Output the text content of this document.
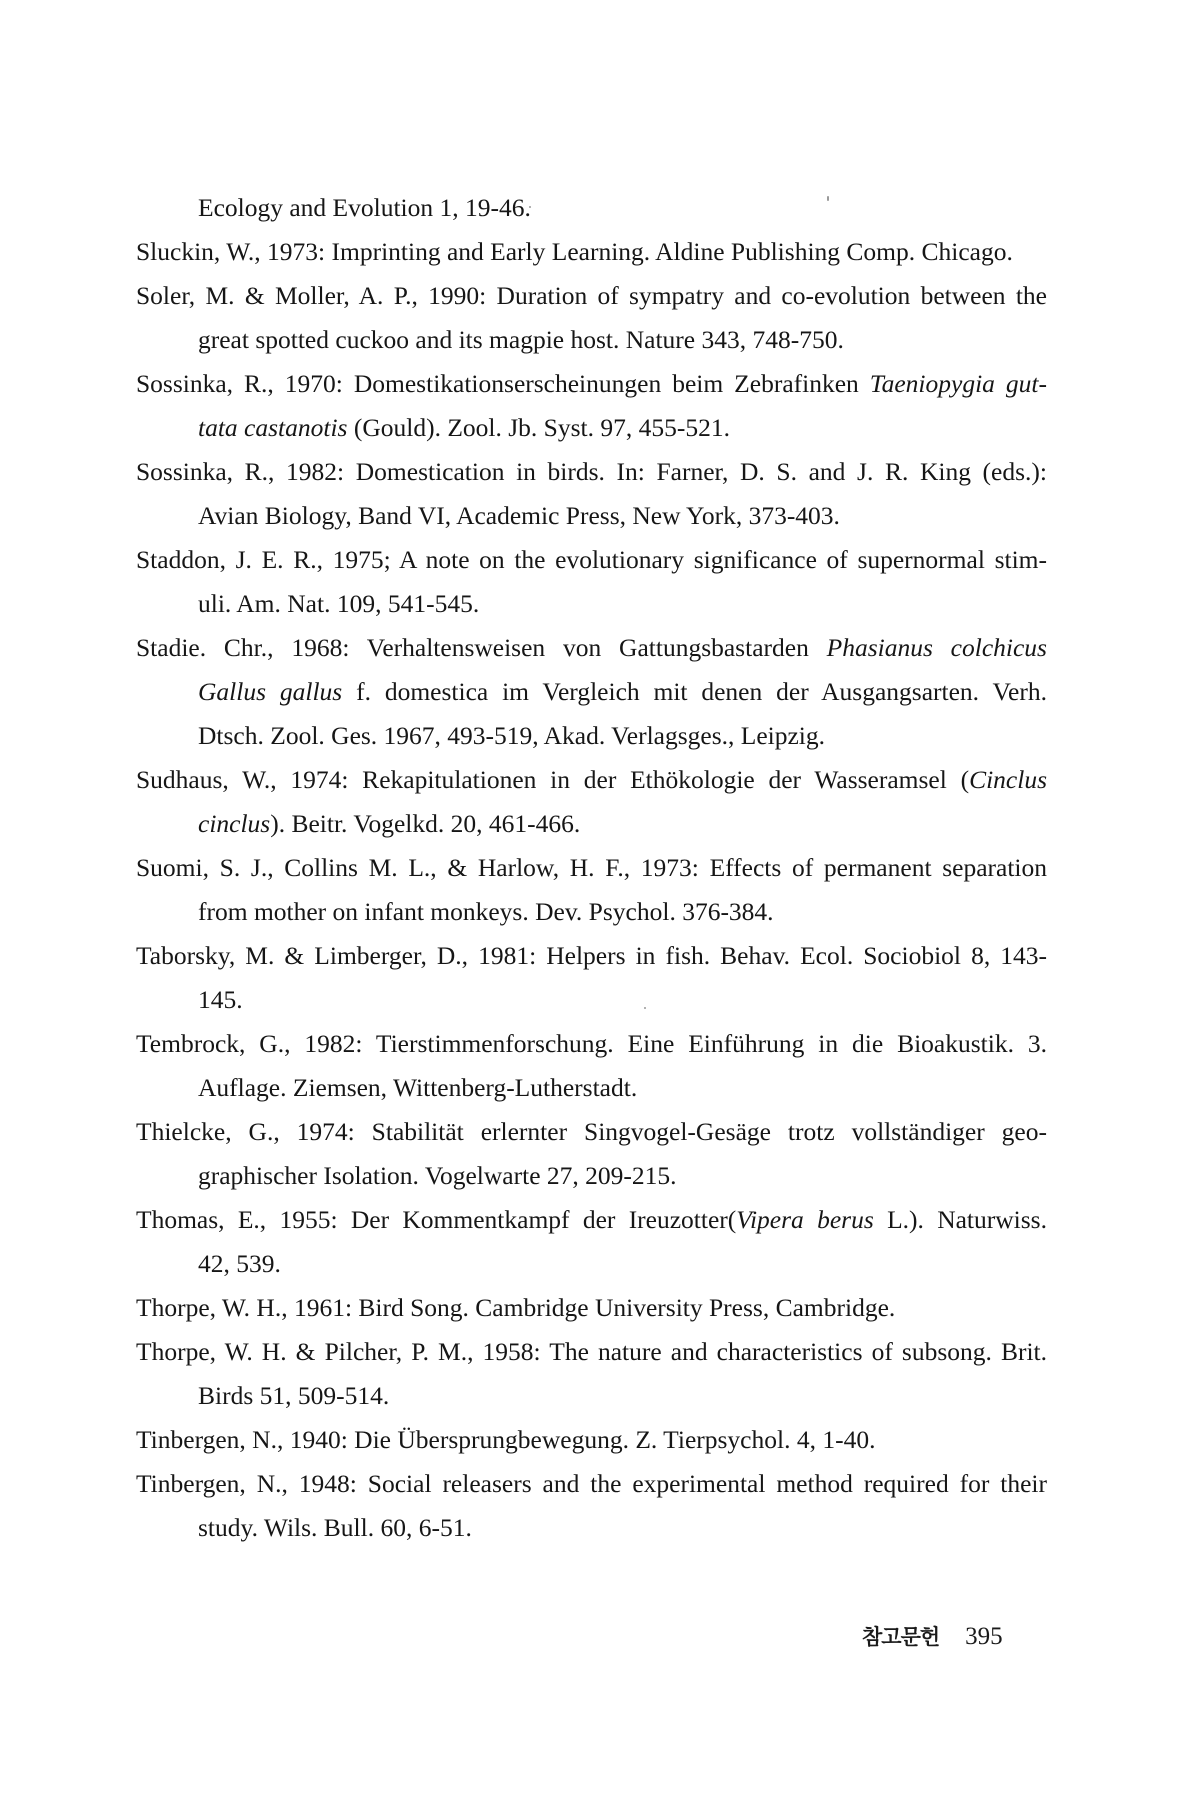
Ecology and Evolution 1, 19-46.
Sluckin, W., 1973: Imprinting and Early Learning. Aldine Publishing Comp. Chicago.
Soler, M. & Moller, A. P., 1990: Duration of sympatry and co-evolution between the
great spotted cuckoo and its magpie host. Nature 343, 748-750.
Sossinka, R., 1970: Domestikationserscheinungen beim Zebrafinken Taeniopygia gut-
tata castanotis (Gould). Zool. Jb. Syst. 97, 455-521.
Sossinka, R., 1982: Domestication in birds. In: Farner, D. S. and J. R. King (eds.):
Avian Biology, Band VI, Academic Press, New York, 373-403.
Staddon, J. E. R., 1975; A note on the evolutionary significance of supernormal stim-
uli. Am. Nat. 109, 541-545.
Stadie. Chr., 1968: Verhaltensweisen von Gattungsbastarden Phasianus colchicus
Gallus gallus f. domestica im Vergleich mit denen der Ausgangsarten. Verh.
Dtsch. Zool. Ges. 1967, 493-519, Akad. Verlagsges., Leipzig.
Sudhaus, W., 1974: Rekapitulationen in der Ethökologie der Wasseramsel (Cinclus
cinclus). Beitr. Vogelkd. 20, 461-466.
Suomi, S. J., Collins M. L., & Harlow, H. F., 1973: Effects of permanent separation
from mother on infant monkeys. Dev. Psychol. 376-384.
Taborsky, M. & Limberger, D., 1981: Helpers in fish. Behav. Ecol. Sociobiol 8, 143-
145.
Tembrock, G., 1982: Tierstimmenforschung. Eine Einführung in die Bioakustik. 3.
Auflage. Ziemsen, Wittenberg-Lutherstadt.
Thielcke, G., 1974: Stabilität erlernter Singvogel-Gesäge trotz vollständiger geo-
graphischer Isolation. Vogelwarte 27, 209-215.
Thomas, E., 1955: Der Kommentkampf der Ireuzotter(Vipera berus L.). Naturwiss.
42, 539.
Thorpe, W. H., 1961: Bird Song. Cambridge University Press, Cambridge.
Thorpe, W. H. & Pilcher, P. M., 1958: The nature and characteristics of subsong. Brit.
Birds 51, 509-514.
Tinbergen, N., 1940: Die Übersprungbewegung. Z. Tierpsychol. 4, 1-40.
Tinbergen, N., 1948: Social releasers and the experimental method required for their
study. Wils. Bull. 60, 6-51.
참고문헌 395
